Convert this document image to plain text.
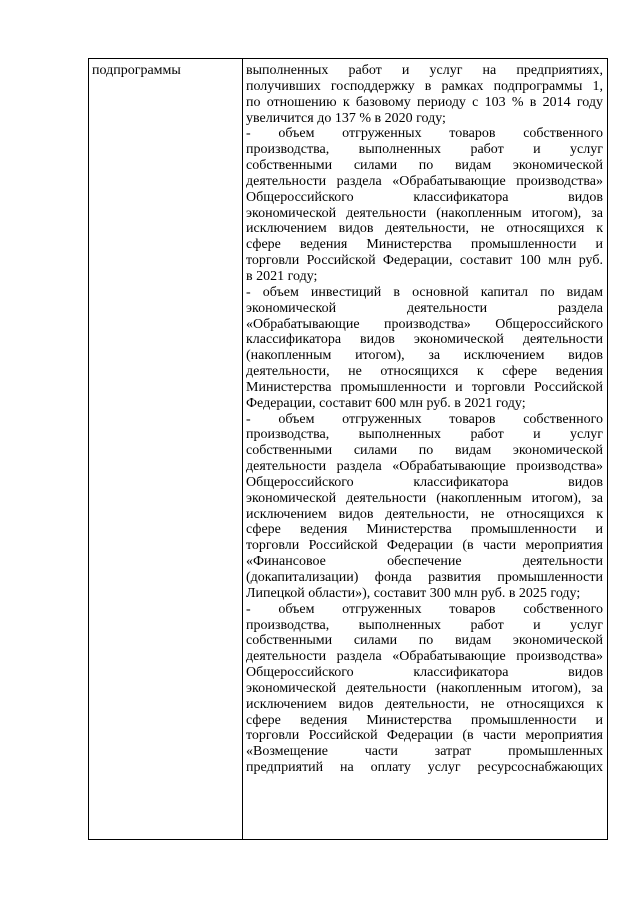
подпрограммы	выполненных работ и услуг на предприятиях,
получивших господдержку в рамках подпрограммы 1,
по отношению к базовому периоду с 103 % в 2014 году
увеличится до 137 % в 2020 году;
- объем отгруженных товаров собственного
производства, выполненных работ и услуг
собственными силами по видам экономической
деятельности раздела «Обрабатывающие производства»
Общероссийского классификатора видов
экономической деятельности (накопленным итогом), за
исключением видов деятельности, не относящихся к
сфере ведения Министерства промышленности и
торговли Российской Федерации, составит 100 млн руб.
в 2021 году;
- объем инвестиций в основной капитал по видам
экономической деятельности раздела
«Обрабатывающие производства» Общероссийского
классификатора видов экономической деятельности
(накопленным итогом), за исключением видов
деятельности, не относящихся к сфере ведения
Министерства промышленности и торговли Российской
Федерации, составит 600 млн руб. в 2021 году;
- объем отгруженных товаров собственного
производства, выполненных работ и услуг
собственными силами по видам экономической
деятельности раздела «Обрабатывающие производства»
Общероссийского классификатора видов
экономической деятельности (накопленным итогом), за
исключением видов деятельности, не относящихся к
сфере ведения Министерства промышленности и
торговли Российской Федерации (в части мероприятия
«Финансовое обеспечение деятельности
(докапитализации) фонда развития промышленности
Липецкой области»), составит 300 млн руб. в 2025 году;
- объем отгруженных товаров собственного
производства, выполненных работ и услуг
собственными силами по видам экономической
деятельности раздела «Обрабатывающие производства»
Общероссийского классификатора видов
экономической деятельности (накопленным итогом), за
исключением видов деятельности, не относящихся к
сфере ведения Министерства промышленности и
торговли Российской Федерации (в части мероприятия
«Возмещение части затрат промышленных
предприятий на оплату услуг ресурсоснабжающих
